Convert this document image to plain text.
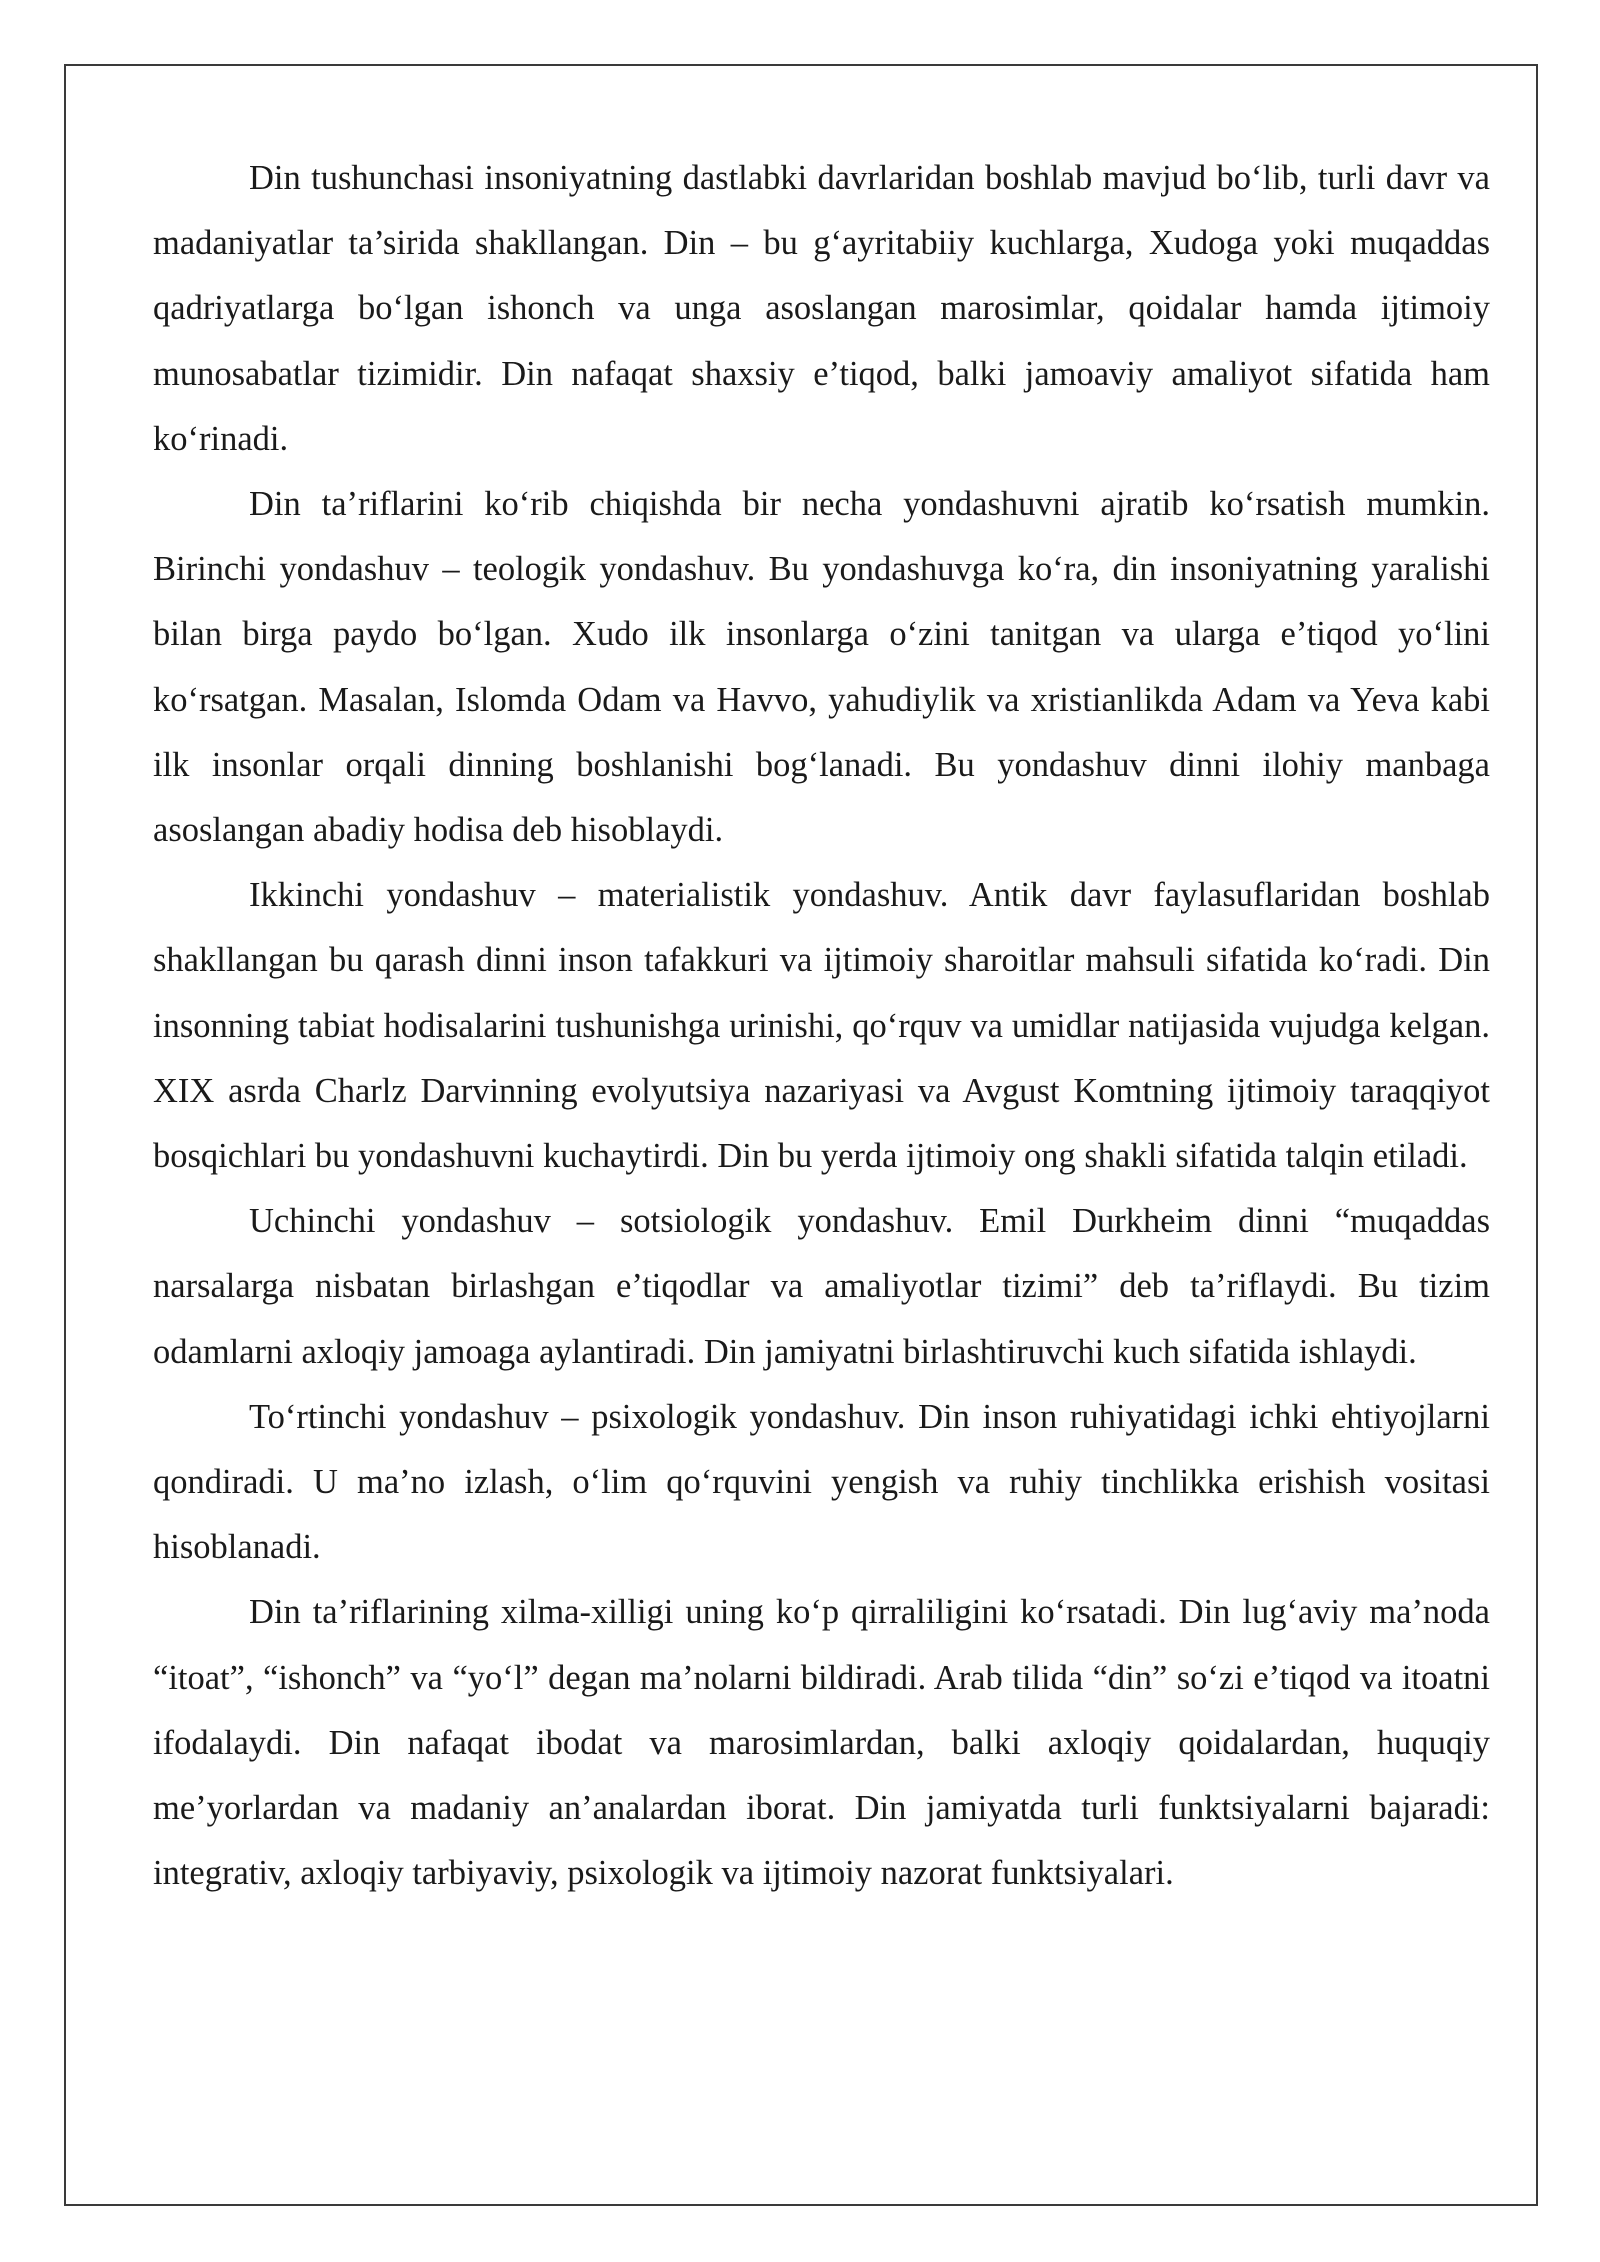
Din tushunchasi insoniyatning dastlabki davrlaridan boshlab mavjud bo‘lib, turli davr va madaniyatlar ta’sirida shakllangan. Din – bu g‘ayritabiiy kuchlarga, Xudoga yoki muqaddas qadriyatlarga bo‘lgan ishonch va unga asoslangan marosimlar, qoidalar hamda ijtimoiy munosabatlar tizimidir. Din nafaqat shaxsiy e’tiqod, balki jamoaviy amaliyot sifatida ham ko‘rinadi.

Din ta’riflarini ko‘rib chiqishda bir necha yondashuvni ajratib ko‘rsatish mumkin. Birinchi yondashuv – teologik yondashuv. Bu yondashuvga ko‘ra, din insoniyatning yaralishi bilan birga paydo bo‘lgan. Xudo ilk insonlarga o‘zini tanitgan va ularga e’tiqod yo‘lini ko‘rsatgan. Masalan, Islomda Odam va Havvo, yahudiylik va xristianlikda Adam va Yeva kabi ilk insonlar orqali dinning boshlanishi bog‘lanadi. Bu yondashuv dinni ilohiy manbaga asoslangan abadiy hodisa deb hisoblaydi.

Ikkinchi yondashuv – materialistik yondashuv. Antik davr faylasuflaridan boshlab shakllangan bu qarash dinni inson tafakkuri va ijtimoiy sharoitlar mahsuli sifatida ko‘radi. Din insonning tabiat hodisalarini tushunishga urinishi, qo‘rquv va umidlar natijasida vujudga kelgan. XIX asrda Charlz Darvinning evolyutsiya nazariyasi va Avgust Komtning ijtimoiy taraqqiyot bosqichlari bu yondashuvni kuchaytirdi. Din bu yerda ijtimoiy ong shakli sifatida talqin etiladi.

Uchinchi yondashuv – sotsiologik yondashuv. Emil Durkheim dinni “muqaddas narsalarga nisbatan birlashgan e’tiqodlar va amaliyotlar tizimi” deb ta’riflaydi. Bu tizim odamlarni axloqiy jamoaga aylantiradi. Din jamiyatni birlashtiruvchi kuch sifatida ishlaydi.

To‘rtinchi yondashuv – psixologik yondashuv. Din inson ruhiyatidagi ichki ehtiyojlarni qondiradi. U ma’no izlash, o‘lim qo‘rquvini yengish va ruhiy tinchlikka erishish vositasi hisoblanadi.

Din ta’riflarining xilma-xilligi uning ko‘p qirraliligini ko‘rsatadi. Din lug‘aviy ma’noda “itoat”, “ishonch” va “yo‘l” degan ma’nolarni bildiradi. Arab tilida “din” so‘zi e’tiqod va itoatni ifodalaydi. Din nafaqat ibodat va marosimlardan, balki axloqiy qoidalardan, huquqiy me’yorlardan va madaniy an’analardan iborat. Din jamiyatda turli funktsiyalarni bajaradi: integrativ, axloqiy tarbiyaviy, psixologik va ijtimoiy nazorat funktsiyalari.
